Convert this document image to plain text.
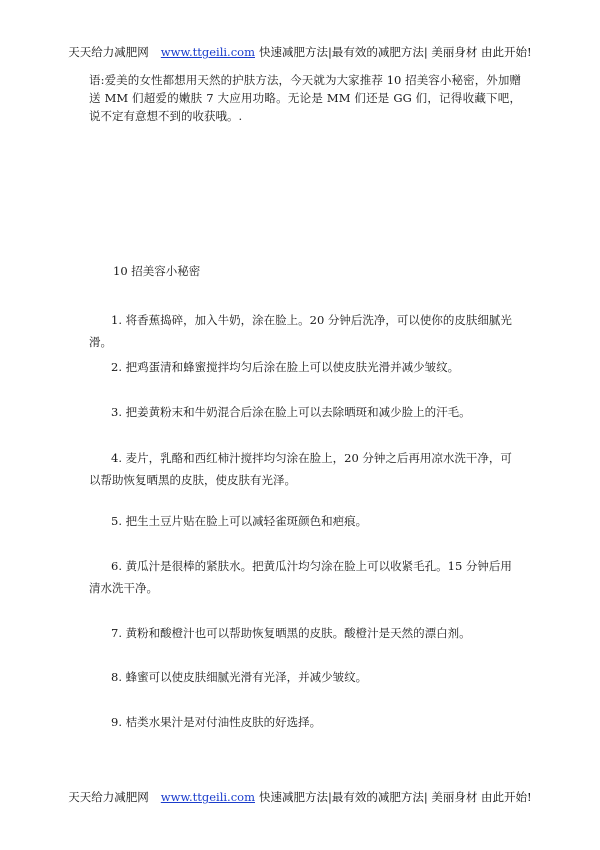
天天给力减肥网 www.ttgeili.com 快速减肥方法|最有效的减肥方法| 美丽身材 由此开始!
语:爱美的女性都想用天然的护肤方法，今天就为大家推荐 10 招美容小秘密，外加赠送 MM 们超爱的嫩肤 7 大应用功略。无论是 MM 们还是 GG 们，记得收藏下吧，说不定有意想不到的收获哦。.
10 招美容小秘密
1. 将香蕉捣碎，加入牛奶，涂在脸上。20 分钟后洗净，可以使你的皮肤细腻光滑。
2. 把鸡蛋清和蜂蜜搅拌均匀后涂在脸上可以使皮肤光滑并减少皱纹。
3. 把姜黄粉末和牛奶混合后涂在脸上可以去除晒斑和减少脸上的汗毛。
4. 麦片，乳酪和西红柿汁搅拌均匀涂在脸上，20 分钟之后再用凉水洗干净，可以帮助恢复晒黑的皮肤，使皮肤有光泽。
5. 把生土豆片贴在脸上可以减轻雀斑颜色和疤痕。
6. 黄瓜汁是很棒的紧肤水。把黄瓜汁均匀涂在脸上可以收紧毛孔。15 分钟后用清水洗干净。
7. 黄粉和酸橙汁也可以帮助恢复晒黑的皮肤。酸橙汁是天然的漂白剂。
8. 蜂蜜可以使皮肤细腻光滑有光泽，并减少皱纹。
9. 桔类水果汁是对付油性皮肤的好选择。
天天给力减肥网 www.ttgeili.com 快速减肥方法|最有效的减肥方法| 美丽身材 由此开始!
